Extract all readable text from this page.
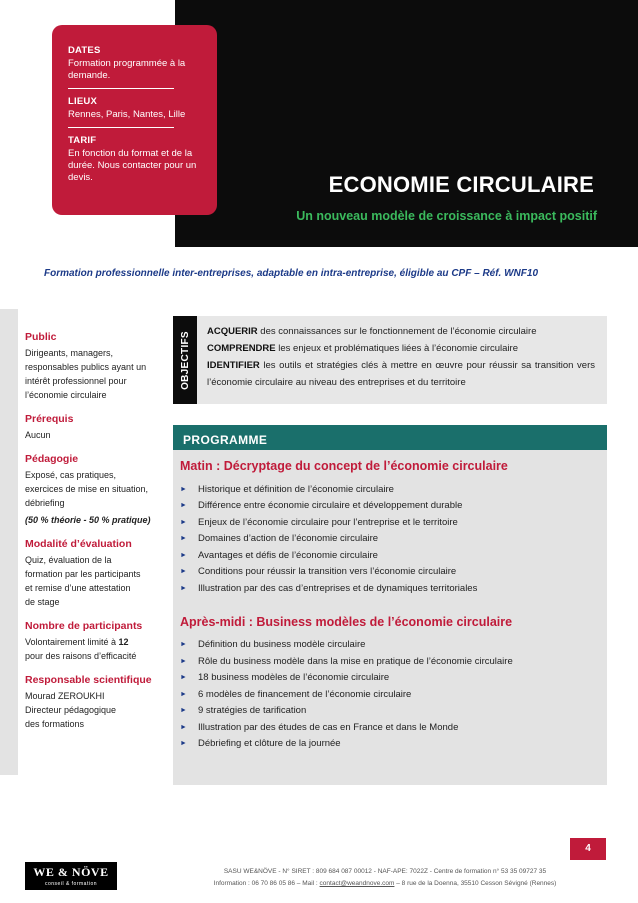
DATES
Formation programmée à la demande.
LIEUX
Rennes, Paris, Nantes, Lille
TARIF
En fonction du format et de la durée. Nous contacter pour un devis.	ECONOMIE CIRCULAIRE
Un nouveau modèle de croissance à impact positif
Formation professionnelle inter-entreprises, adaptable en intra-entreprise, éligible au CPF – Réf. WNF10
Public
Dirigeants, managers,
responsables publics ayant un
intérêt professionnel pour
l’économie circulaire
Prérequis
Aucun
Pédagogie
Exposé, cas pratiques,
exercices de mise en situation,
débriefing
(50 % théorie - 50 % pratique)
Modalité d’évaluation
Quiz, évaluation de la
formation par les participants
et remise d’une attestation
de stage
Nombre de participants
Volontairement limité à 12
pour des raisons d’efficacité
Responsable scientifique
Mourad ZEROUKHI
Directeur pédagogique
des formations
OBJECTIFS ACQUERIR des connaissances sur le fonctionnement de l’économie circulaire
COMPRENDRE les enjeux et problématiques liées à l’économie circulaire
IDENTIFIER les outils et stratégies clés à mettre en œuvre pour réussir sa transition vers l’économie circulaire au niveau des entreprises et du territoire
PROGRAMME
Matin : Décryptage du concept de l’économie circulaire
►	Historique et définition de l’économie circulaire
►	Différence entre économie circulaire et développement durable
►	Enjeux de l’économie circulaire pour l’entreprise et le territoire
►	Domaines d’action de l’économie circulaire
►	Avantages et défis de l’économie circulaire
►	Conditions pour réussir la transition vers l’économie circulaire
►	Illustration par des cas d’entreprises et de dynamiques territoriales
Après-midi : Business modèles de l’économie circulaire
►	Définition du business modèle circulaire
►	Rôle du business modèle dans la mise en pratique de l’économie circulaire
►	18 business modèles de l’économie circulaire
►	6 modèles de financement de l’économie circulaire
►	9 stratégies de tarification
►	Illustration par des études de cas en France et dans le Monde
►	Débriefing et clôture de la journée
4
WE & NÖVE
conseil & formation
SASU WE&NÖVE - N° SIRET : 809 684 087 00012 - NAF-APE: 7022Z - Centre de formation n° 53 35 09727 35
Information : 06 70 86 05 86 – Mail : contact@weandnove.com – 8 rue de la Doenna, 35510 Cesson Sévigné (Rennes)
